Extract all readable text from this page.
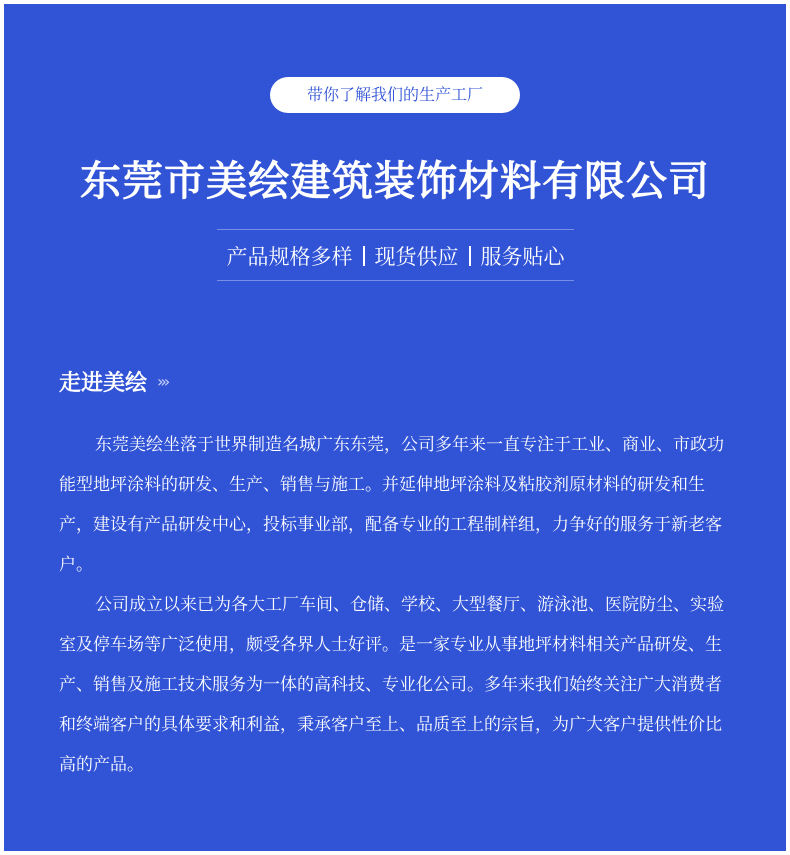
带你了解我们的生产工厂
东莞市美绘建筑装饰材料有限公司
产品规格多样 现货供应 服务贴心
走进美绘 ›››

东莞美绘坐落于世界制造名城广东东莞，公司多年来一直专注于工业、商业、市政功能型地坪涂料的研发、生产、销售与施工。并延伸地坪涂料及粘胶剂原材料的研发和生产，建设有产品研发中心，投标事业部，配备专业的工程制样组，力争好的服务于新老客户。

公司成立以来已为各大工厂车间、仓储、学校、大型餐厅、游泳池、医院防尘、实验室及停车场等广泛使用，颇受各界人士好评。是一家专业从事地坪材料相关产品研发、生产、销售及施工技术服务为一体的高科技、专业化公司。多年来我们始终关注广大消费者和终端客户的具体要求和利益，秉承客户至上、品质至上的宗旨，为广大客户提供性价比高的产品。
